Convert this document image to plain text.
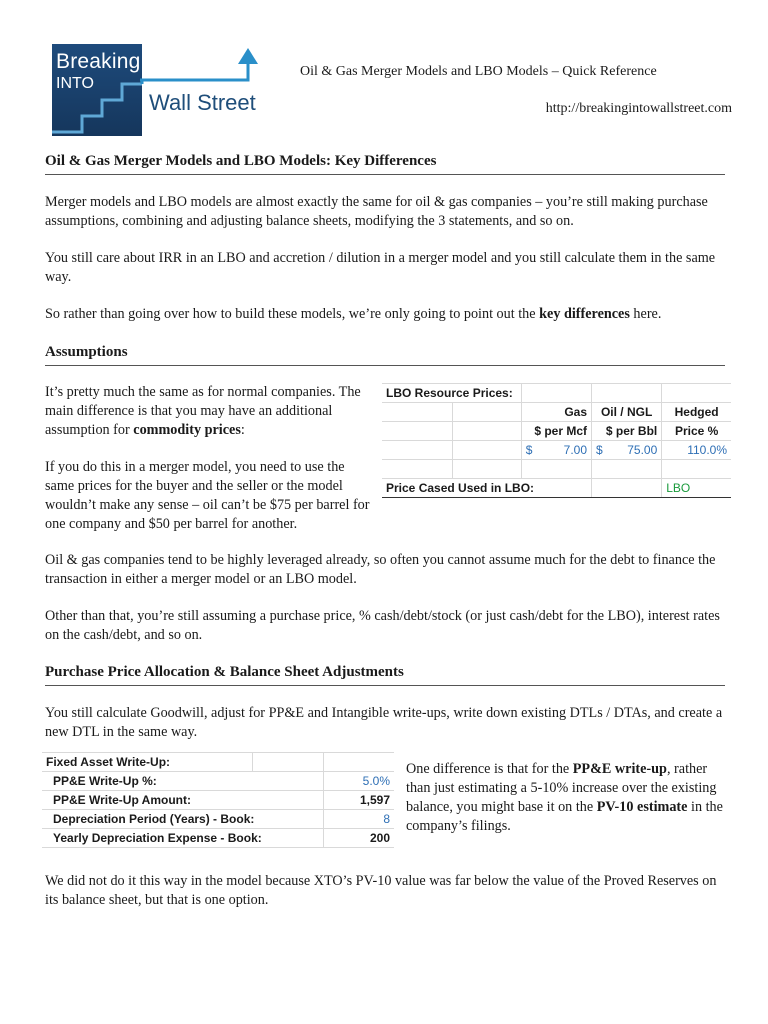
Breaking
INTO
Wall Street
Oil & Gas Merger Models and LBO Models – Quick Reference
http://breakingintowallstreet.com
Oil & Gas Merger Models and LBO Models: Key Differences

Merger models and LBO models are almost exactly the same for oil & gas companies – you’re still making purchase assumptions, combining and adjusting balance sheets, modifying the 3 statements, and so on.

You still care about IRR in an LBO and accretion / dilution in a merger model and you still calculate them in the same way.

So rather than going over how to build these models, we’re only going to point out the key differences here.

Assumptions

It’s pretty much the same as for normal companies. The main difference is that you may have an additional assumption for commodity prices:

If you do this in a merger model, you need to use the same prices for the buyer and the seller or the model wouldn’t make any sense – oil can’t be $75 per barrel for one company and $50 per barrel for another.

LBO Resource Prices:				
		Gas	Oil / NGL	Hedged
		$ per Mcf	$ per Bbl	Price %

		$ 7.00	$ 75.00	110.0%

Price Cased Used in LBO:				LBO

Oil & gas companies tend to be highly leveraged already, so often you cannot assume much for the debt to finance the transaction in either a merger model or an LBO model.

Other than that, you’re still assuming a purchase price, % cash/debt/stock (or just cash/debt for the LBO), interest rates on the cash/debt, and so on.

Purchase Price Allocation & Balance Sheet Adjustments

You still calculate Goodwill, adjust for PP&E and Intangible write-ups, write down existing DTLs / DTAs, and create a new DTL in the same way.

Fixed Asset Write-Up:		
PP&E Write-Up %:		5.0%
PP&E Write-Up Amount:		1,597
Depreciation Period (Years) - Book:		8
Yearly Depreciation Expense - Book:		200

One difference is that for the PP&E write-up, rather than just estimating a 5-10% increase over the existing balance, you might base it on the PV-10 estimate in the company’s filings.

We did not do it this way in the model because XTO’s PV-10 value was far below the value of the Proved Reserves on its balance sheet, but that is one option.
